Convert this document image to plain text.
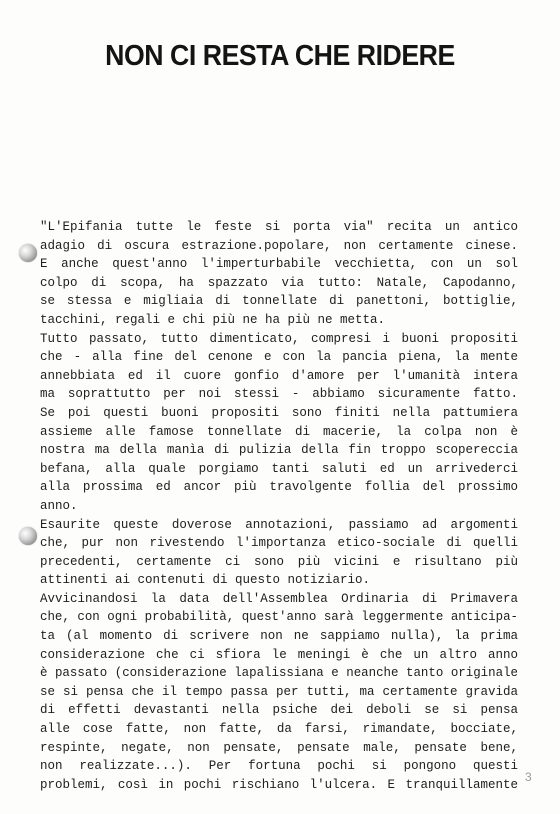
NON CI RESTA CHE RIDERE
"L'Epifania tutte le feste si porta via" recita un antico
adagio di oscura estrazione.popolare, non certamente cinese.
E anche quest'anno l'imperturbabile vecchietta, con un sol
colpo di scopa, ha spazzato via tutto: Natale, Capodanno,
se stessa e migliaia di tonnellate di panettoni, bottiglie,
tacchini, regali e chi più ne ha più ne metta.
Tutto passato, tutto dimenticato, compresi i buoni propositi
che - alla fine del cenone e con la pancia piena, la mente
annebbiata ed il cuore gonfio d'amore per l'umanità intera
ma soprattutto per noi stessi - abbiamo sicuramente fatto.
Se poi questi buoni propositi sono finiti nella pattumiera
assieme alle famose tonnellate di macerie, la colpa non è
nostra ma della manìa di pulizia della fin troppo scopereccia
befana, alla quale porgiamo tanti saluti ed un arrivederci
alla prossima ed ancor più travolgente follia del prossimo
anno.
Esaurite queste doverose annotazioni, passiamo ad argomenti
che, pur non rivestendo l'importanza etico-sociale di quelli
precedenti, certamente ci sono più vicini e risultano più
attinenti ai contenuti di questo notiziario.
Avvicinandosi la data dell'Assemblea Ordinaria di Primavera
che, con ogni probabilità, quest'anno sarà leggermente anticipa-
ta (al momento di scrivere non ne sappiamo nulla), la prima
considerazione che ci sfiora le meningi è che un altro anno
è passato (considerazione lapalissiana e neanche tanto originale
se si pensa che il tempo passa per tutti, ma certamente gravida
di effetti devastanti nella psiche dei deboli se si pensa
alle cose fatte, non fatte, da farsi, rimandate, bocciate,
respinte, negate, non pensate, pensate male, pensate bene,
non realizzate...). Per fortuna pochi si pongono questi
problemi, così in pochi rischiano l'ulcera. E tranquillamente
3
